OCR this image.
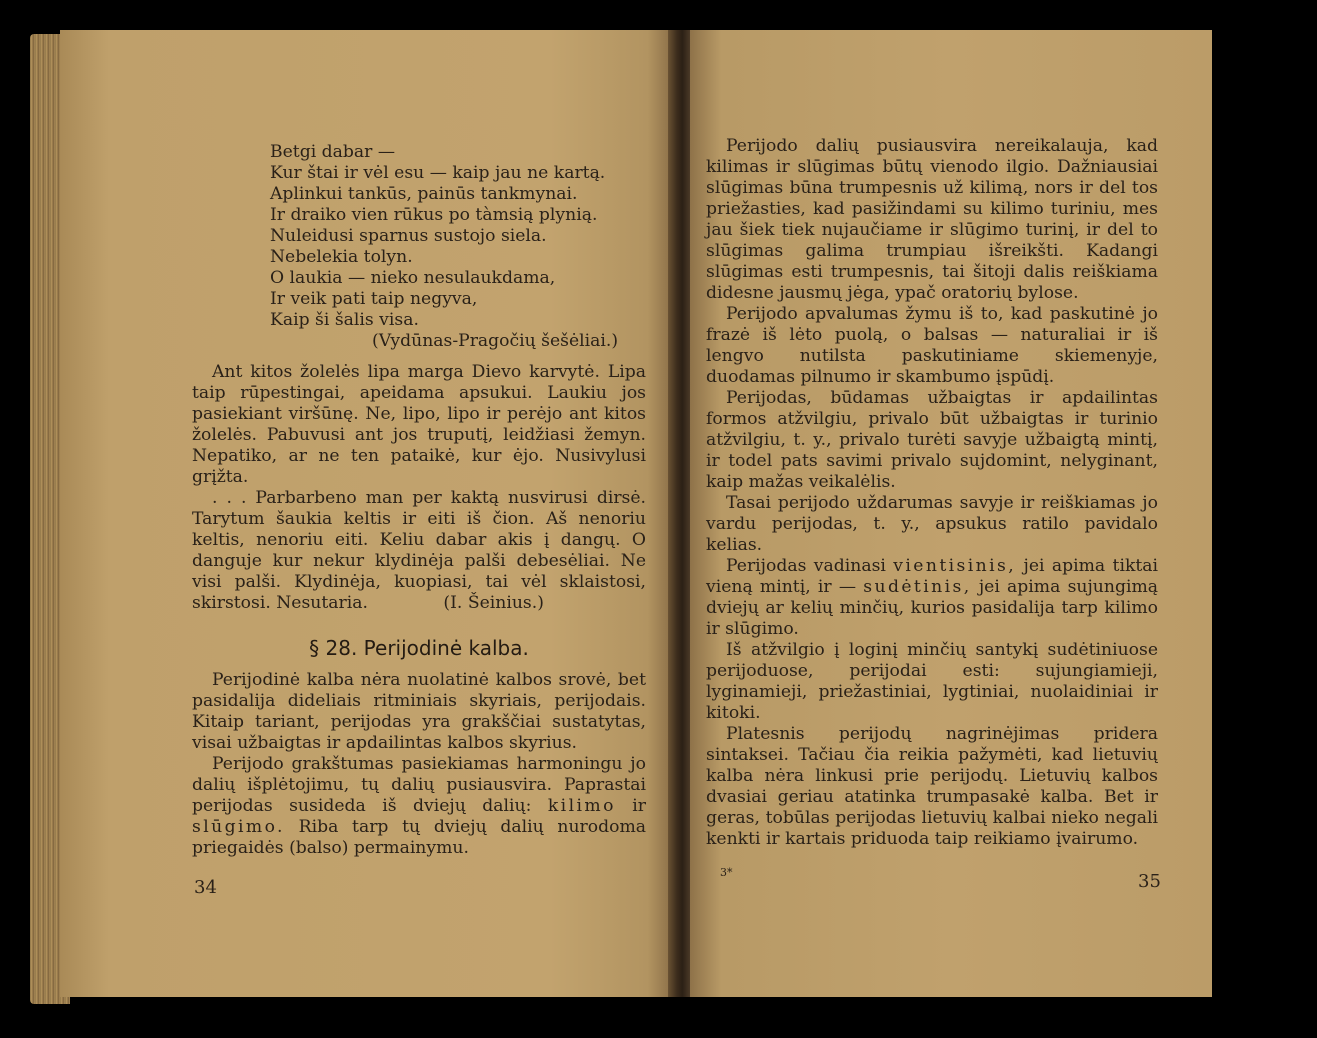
Betgi dabar —
Kur štai ir vėl esu — kaip jau ne kartą.
Aplinkui tankūs, painūs tankmynai.
Ir draiko vien rūkus po tàmsią plynią.
Nuleidusi sparnus sustojo siela.
Nebelekia tolyn.
O laukia — nieko nesulaukdama,
Ir veik pati taip negyva,
Kaip ši šalis visa.
(Vydūnas-Pragočių šešėliai.)

Ant kitos žolelės lipa marga Dievo karvytė. Lipa taip rūpestingai, apeidama apsukui. Laukiu jos pasiekiant viršūnę. Ne, lipo, lipo ir perėjo ant kitos žolelės. Pabuvusi ant jos truputį, leidžiasi žemyn. Nepatiko, ar ne ten pataikė, kur ėjo. Nusivylusi grįžta.

. . . Parbarbeno man per kaktą nusvirusi dirsė. Tarytum šaukia keltis ir eiti iš čion. Aš nenoriu keltis, nenoriu eiti. Keliu dabar akis į dangų. O danguje kur nekur klydinėja palši debesėliai. Ne visi palši. Klydinėja, kuopiasi, tai vėl sklaistosi, skirstosi. Nesutaria.	(I. Šeinius.)

§ 28. Perijodinė kalba.

Perijodinė kalba nėra nuolatinė kalbos srovė, bet pasidalija dideliais ritminiais skyriais, perijodais. Kitaip tariant, perijodas yra grakščiai sustatytas, visai užbaigtas ir apdailintas kalbos skyrius.

Perijodo grakštumas pasiekiamas harmoningu jo dalių išplėtojimu, tų dalių pusiausvira. Paprastai perijodas susideda iš dviejų dalių: kilimo ir slūgimo. Riba tarp tų dviejų dalių nurodoma priegaidės (balso) permainymu.

34

Perijodo dalių pusiausvira nereikalauja, kad kilimas ir slūgimas būtų vienodo ilgio. Dažniausiai slūgimas būna trumpesnis už kilimą, nors ir del tos priežasties, kad pasižindami su kilimo turiniu, mes jau šiek tiek nujaučiame ir slūgimo turinį, ir del to slūgimas galima trumpiau išreikšti. Kadangi slūgimas esti trumpesnis, tai šitoji dalis reiškiama didesne jausmų jėga, ypač oratorių bylose.

Perijodo apvalumas žymu iš to, kad paskutinė jo frazė iš lėto puolą, o balsas — naturaliai ir iš lengvo nutilsta paskutiniame skiemenyje, duodamas pilnumo ir skambumo įspūdį.

Perijodas, būdamas užbaigtas ir apdailintas formos atžvilgiu, privalo būt užbaigtas ir turinio atžvilgiu, t. y., privalo turėti savyje užbaigtą mintį, ir todel pats savimi privalo sujdomint, nelyginant, kaip mažas veikalėlis.

Tasai perijodo uždarumas savyje ir reiškiamas jo vardu perijodas, t. y., apsukus ratilo pavidalo kelias.

Perijodas vadinasi vientisinis, jei apima tiktai vieną mintį, ir — sudėtinis, jei apima sujungimą dviejų ar kelių minčių, kurios pasidalija tarp kilimo ir slūgimo.

Iš atžvilgio į loginį minčių santykį sudėtiniuose perijoduose, perijodai esti: sujungiamieji, lyginamieji, priežastiniai, lygtiniai, nuolaidiniai ir kitoki.

Platesnis perijodų nagrinėjimas pridera sintaksei. Tačiau čia reikia pažymėti, kad lietuvių kalba nėra linkusi prie perijodų. Lietuvių kalbos dvasiai geriau atatinka trumpasakė kalba. Bet ir geras, tobūlas perijodas lietuvių kalbai nieko negali kenkti ir kartais priduoda taip reikiamo įvairumo.

3*	35
